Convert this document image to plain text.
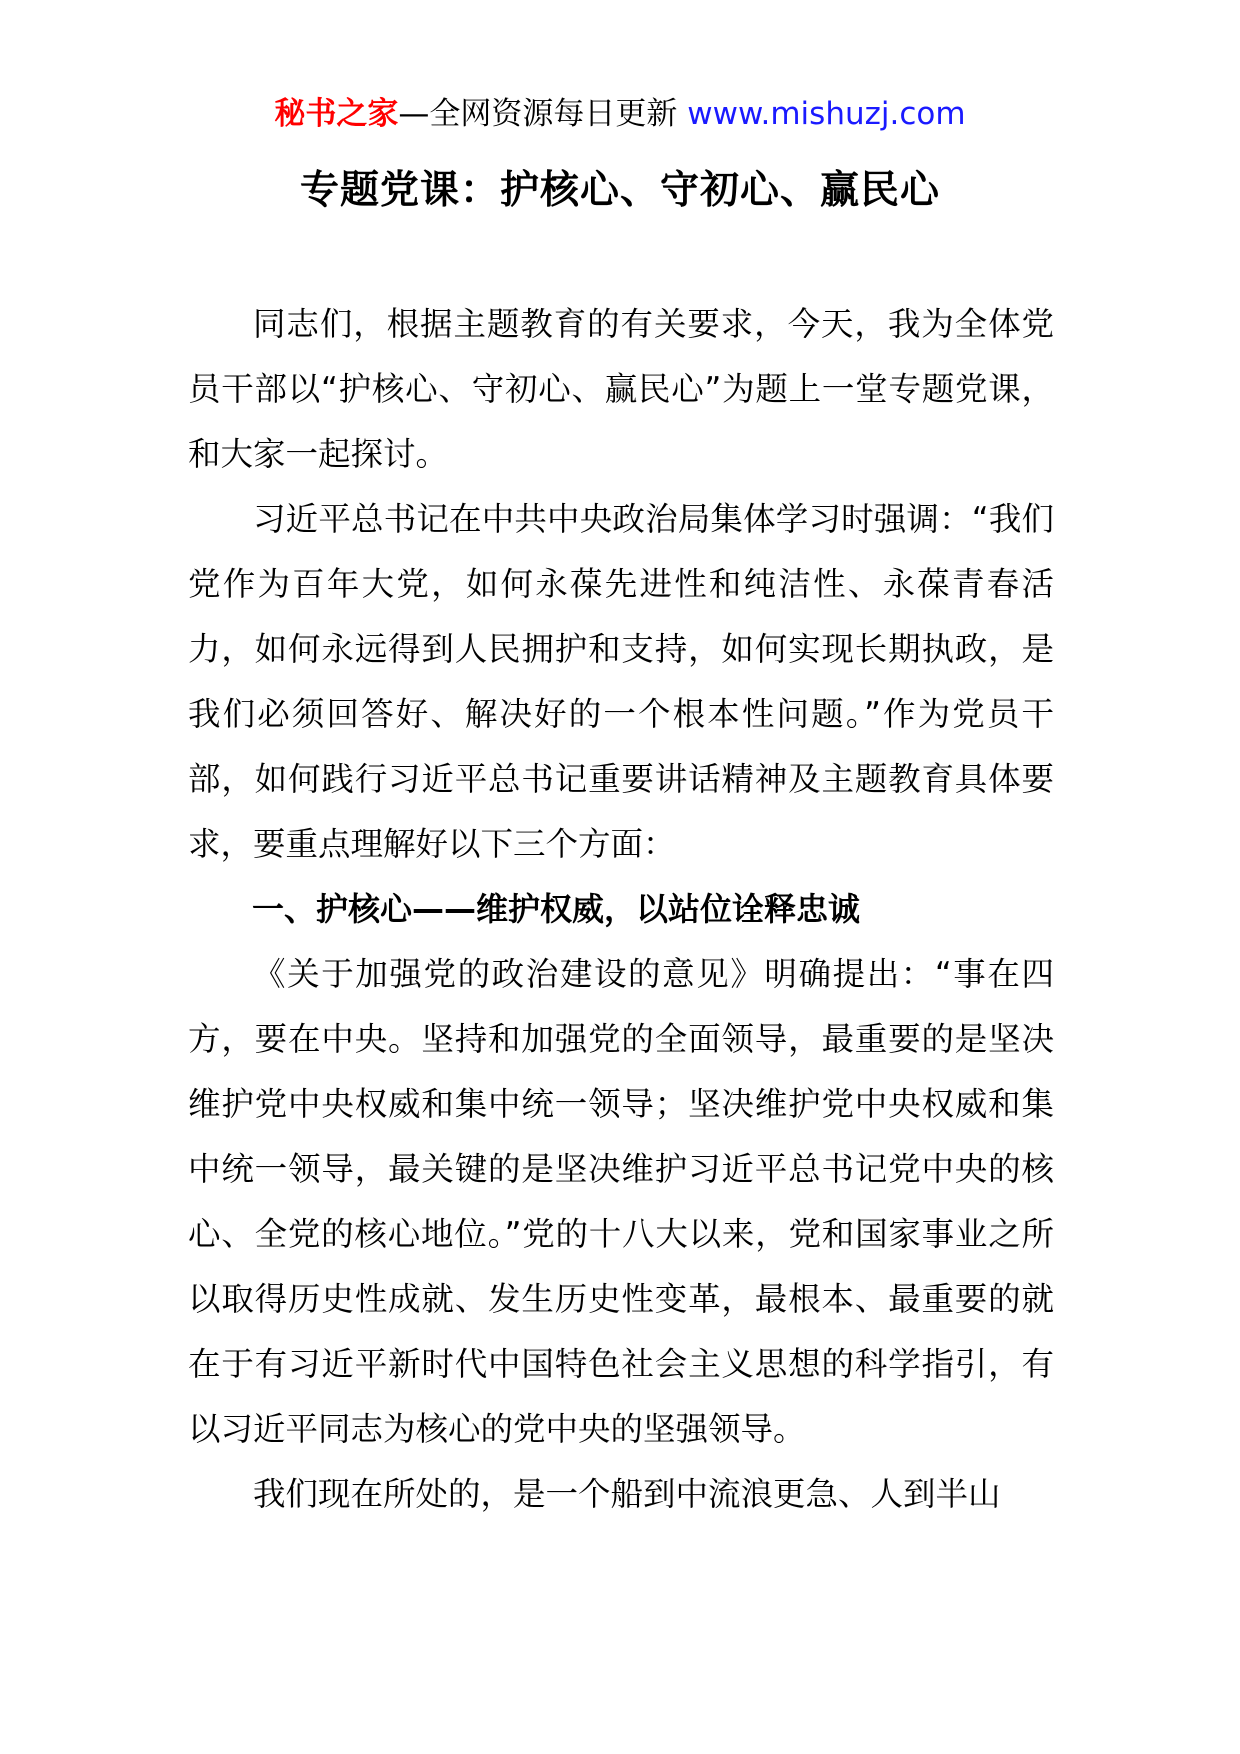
秘书之家—全网资源每日更新 www.mishuzj.com
专题党课：护核心、守初心、赢民心

同志们，根据主题教育的有关要求，今天，我为全体党员干部以“护核心、守初心、赢民心”为题上一堂专题党课，和大家一起探讨。

习近平总书记在中共中央政治局集体学习时强调：“我们党作为百年大党，如何永葆先进性和纯洁性、永葆青春活力，如何永远得到人民拥护和支持，如何实现长期执政，是我们必须回答好、解决好的一个根本性问题。”作为党员干部，如何践行习近平总书记重要讲话精神及主题教育具体要求，要重点理解好以下三个方面：

一、护核心——维护权威，以站位诠释忠诚

《关于加强党的政治建设的意见》明确提出：“事在四方，要在中央。坚持和加强党的全面领导，最重要的是坚决维护党中央权威和集中统一领导；坚决维护党中央权威和集中统一领导，最关键的是坚决维护习近平总书记党中央的核心、全党的核心地位。”党的十八大以来，党和国家事业之所以取得历史性成就、发生历史性变革，最根本、最重要的就在于有习近平新时代中国特色社会主义思想的科学指引，有以习近平同志为核心的党中央的坚强领导。

我们现在所处的，是一个船到中流浪更急、人到半山
